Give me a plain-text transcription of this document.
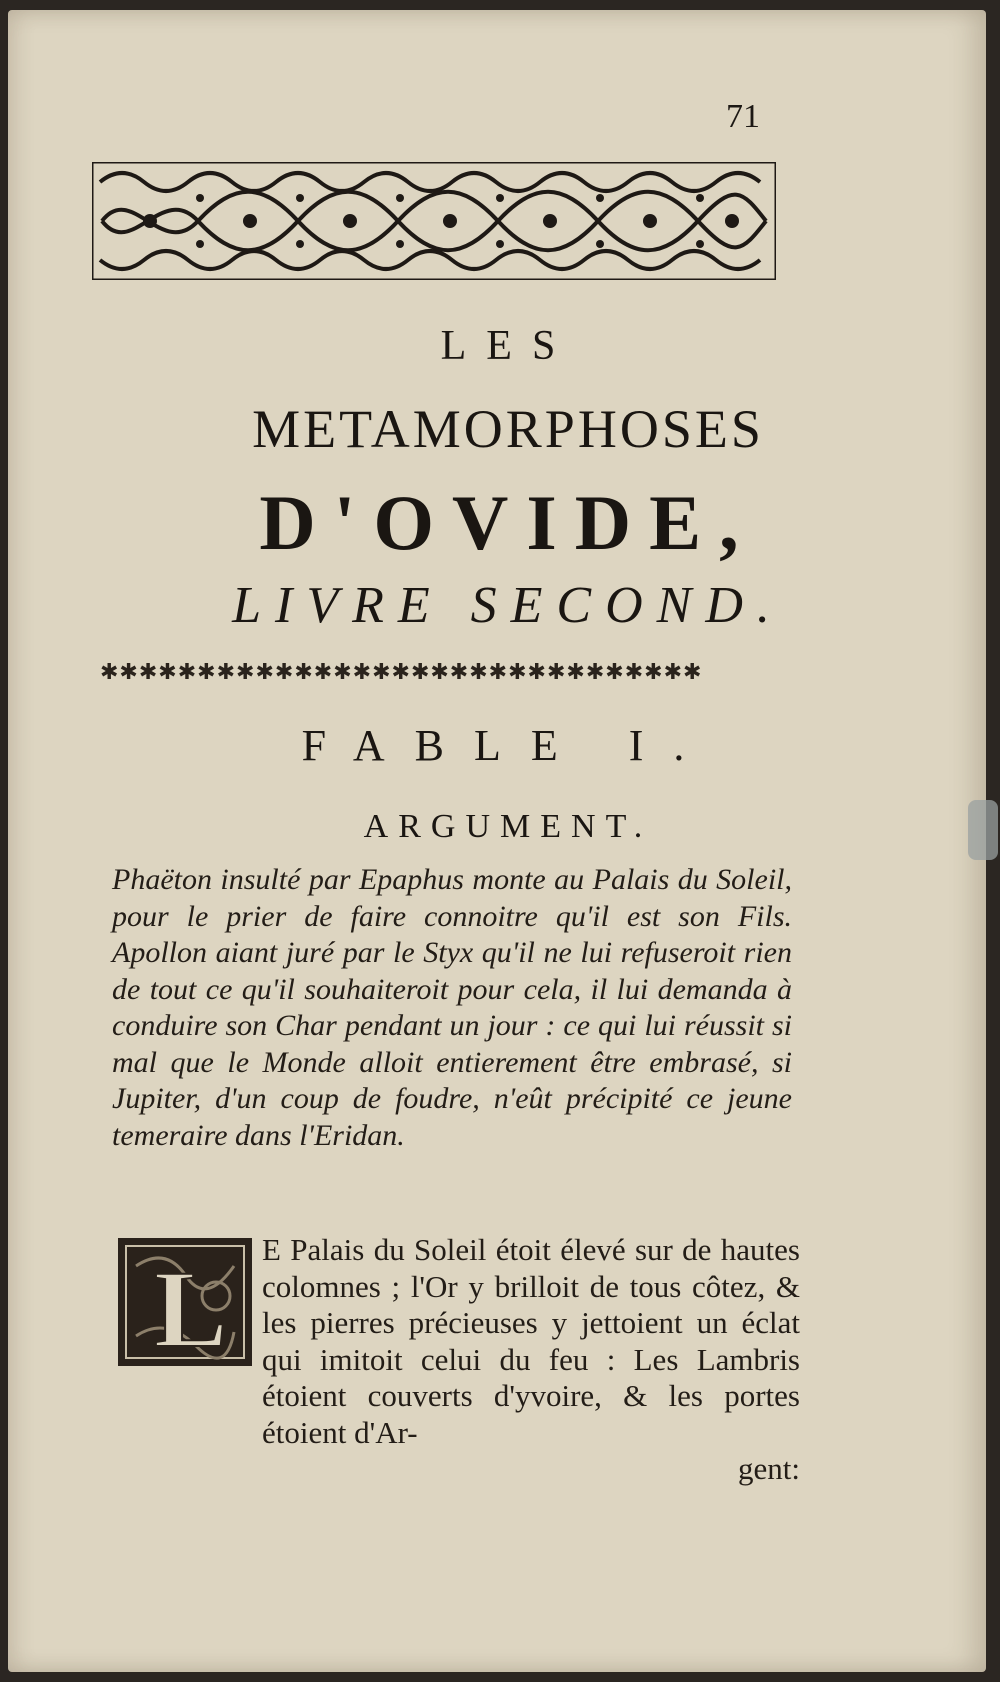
71
LES
METAMORPHOSES
D'OVIDE,
LIVRE SECOND.
✱✱✱✱✱✱✱✱✱✱✱✱✱✱✱✱✱✱✱✱✱✱✱✱✱✱✱✱✱✱✱
FABLE I.
ARGUMENT.
Phaëton insulté par Epaphus monte au Palais du Soleil, pour le prier de faire connoitre qu'il est son Fils. Apollon aiant juré par le Styx qu'il ne lui refuseroit rien de tout ce qu'il souhaiteroit pour cela, il lui demanda à conduire son Char pendant un jour : ce qui lui réussit si mal que le Monde alloit entierement être embrasé, si Jupiter, d'un coup de foudre, n'eût précipité ce jeune temeraire dans l'Eridan.
L	E Palais du Soleil étoit élevé sur de hautes colomnes ; l'Or y brilloit de tous côtez, & les pierres précieuses y jettoient un éclat qui imitoit celui du feu : Les Lambris étoient couverts d'yvoire, & les portes étoient d'Ar-
gent:
